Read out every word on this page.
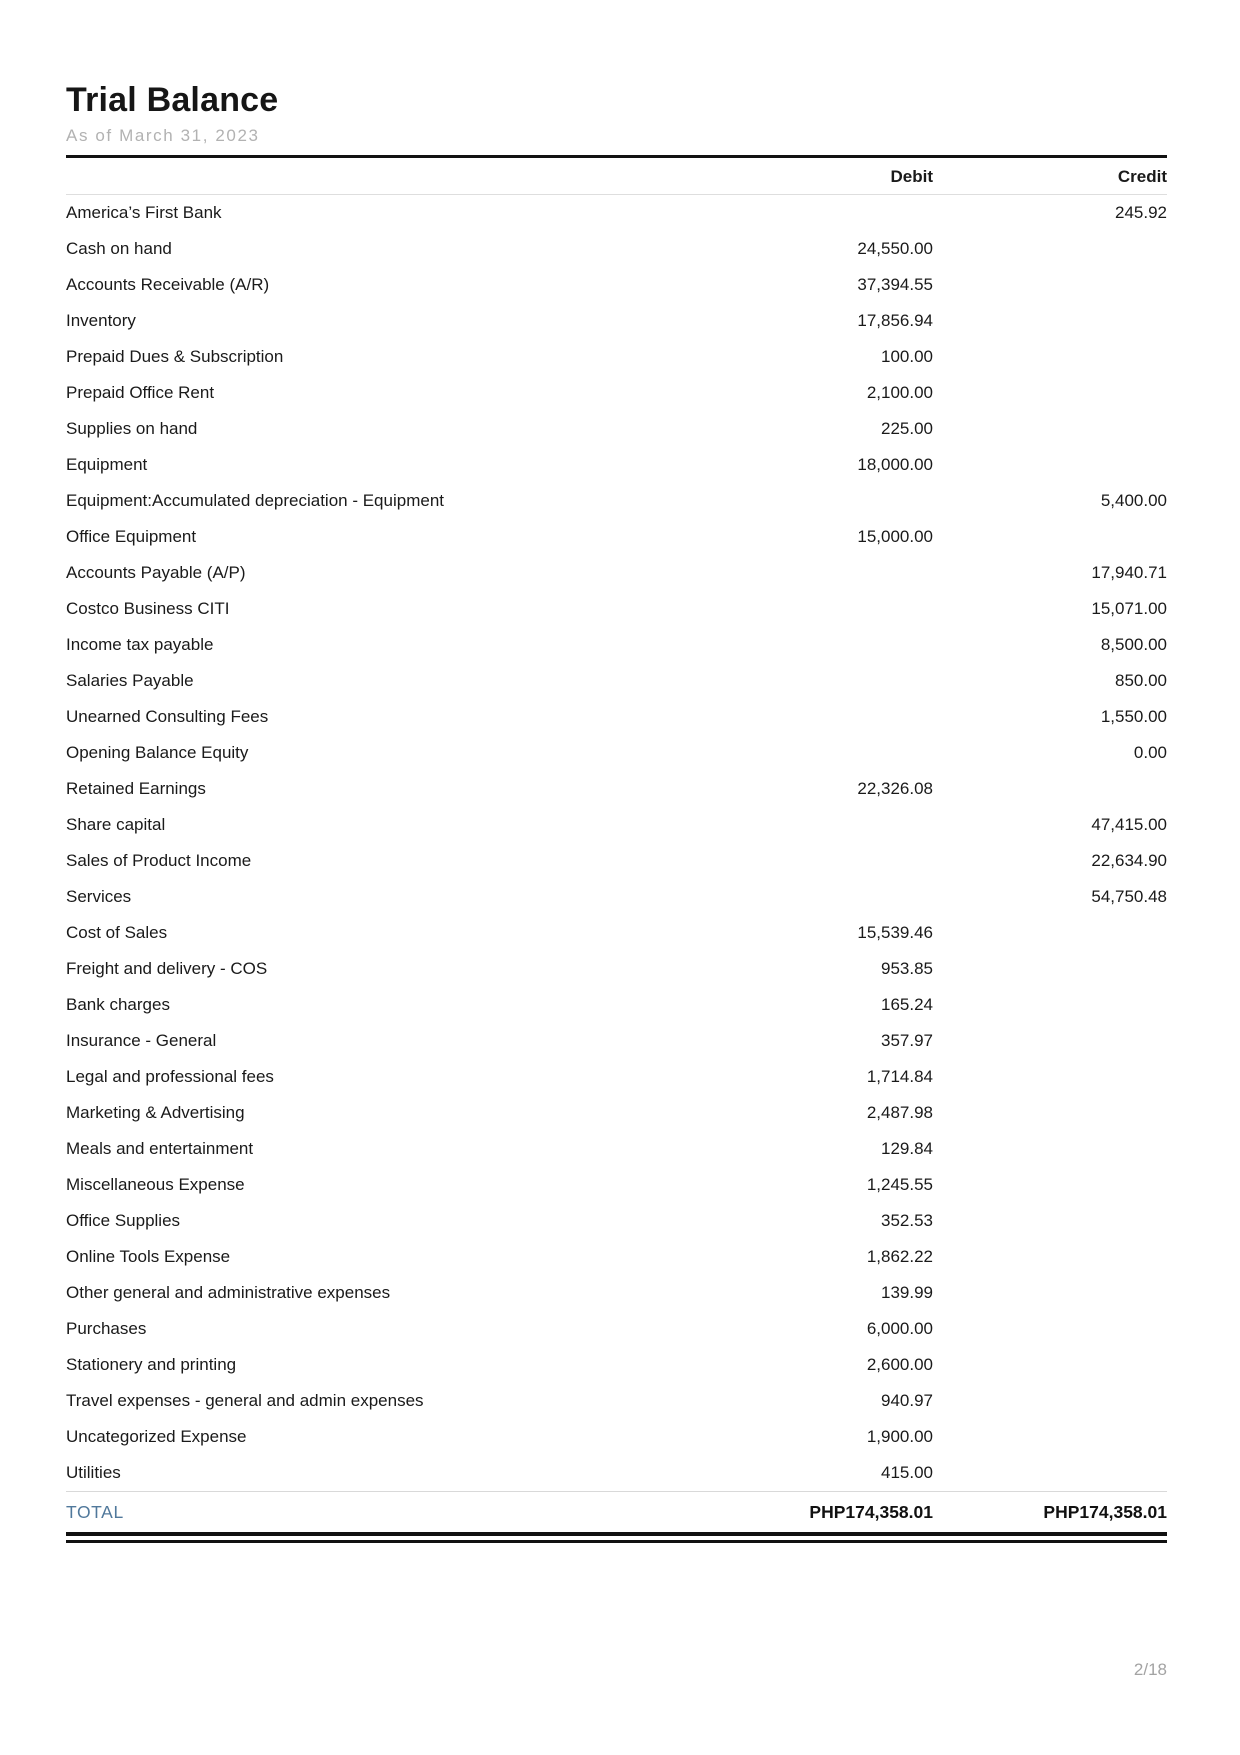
Trial Balance
As of March 31, 2023
	Debit	Credit
America’s First Bank		245.92
Cash on hand	24,550.00	
Accounts Receivable (A/R)	37,394.55	
Inventory	17,856.94	
Prepaid Dues & Subscription	100.00	
Prepaid Office Rent	2,100.00	
Supplies on hand	225.00	
Equipment	18,000.00	
Equipment:Accumulated depreciation - Equipment		5,400.00
Office Equipment	15,000.00	
Accounts Payable (A/P)		17,940.71
Costco Business CITI		15,071.00
Income tax payable		8,500.00
Salaries Payable		850.00
Unearned Consulting Fees		1,550.00
Opening Balance Equity		0.00
Retained Earnings	22,326.08	
Share capital		47,415.00
Sales of Product Income		22,634.90
Services		54,750.48
Cost of Sales	15,539.46	
Freight and delivery - COS	953.85	
Bank charges	165.24	
Insurance - General	357.97	
Legal and professional fees	1,714.84	
Marketing & Advertising	2,487.98	
Meals and entertainment	129.84	
Miscellaneous Expense	1,245.55	
Office Supplies	352.53	
Online Tools Expense	1,862.22	
Other general and administrative expenses	139.99	
Purchases	6,000.00	
Stationery and printing	2,600.00	
Travel expenses - general and admin expenses	940.97	
Uncategorized Expense	1,900.00	
Utilities	415.00	
TOTAL	PHP174,358.01	PHP174,358.01
2/18
